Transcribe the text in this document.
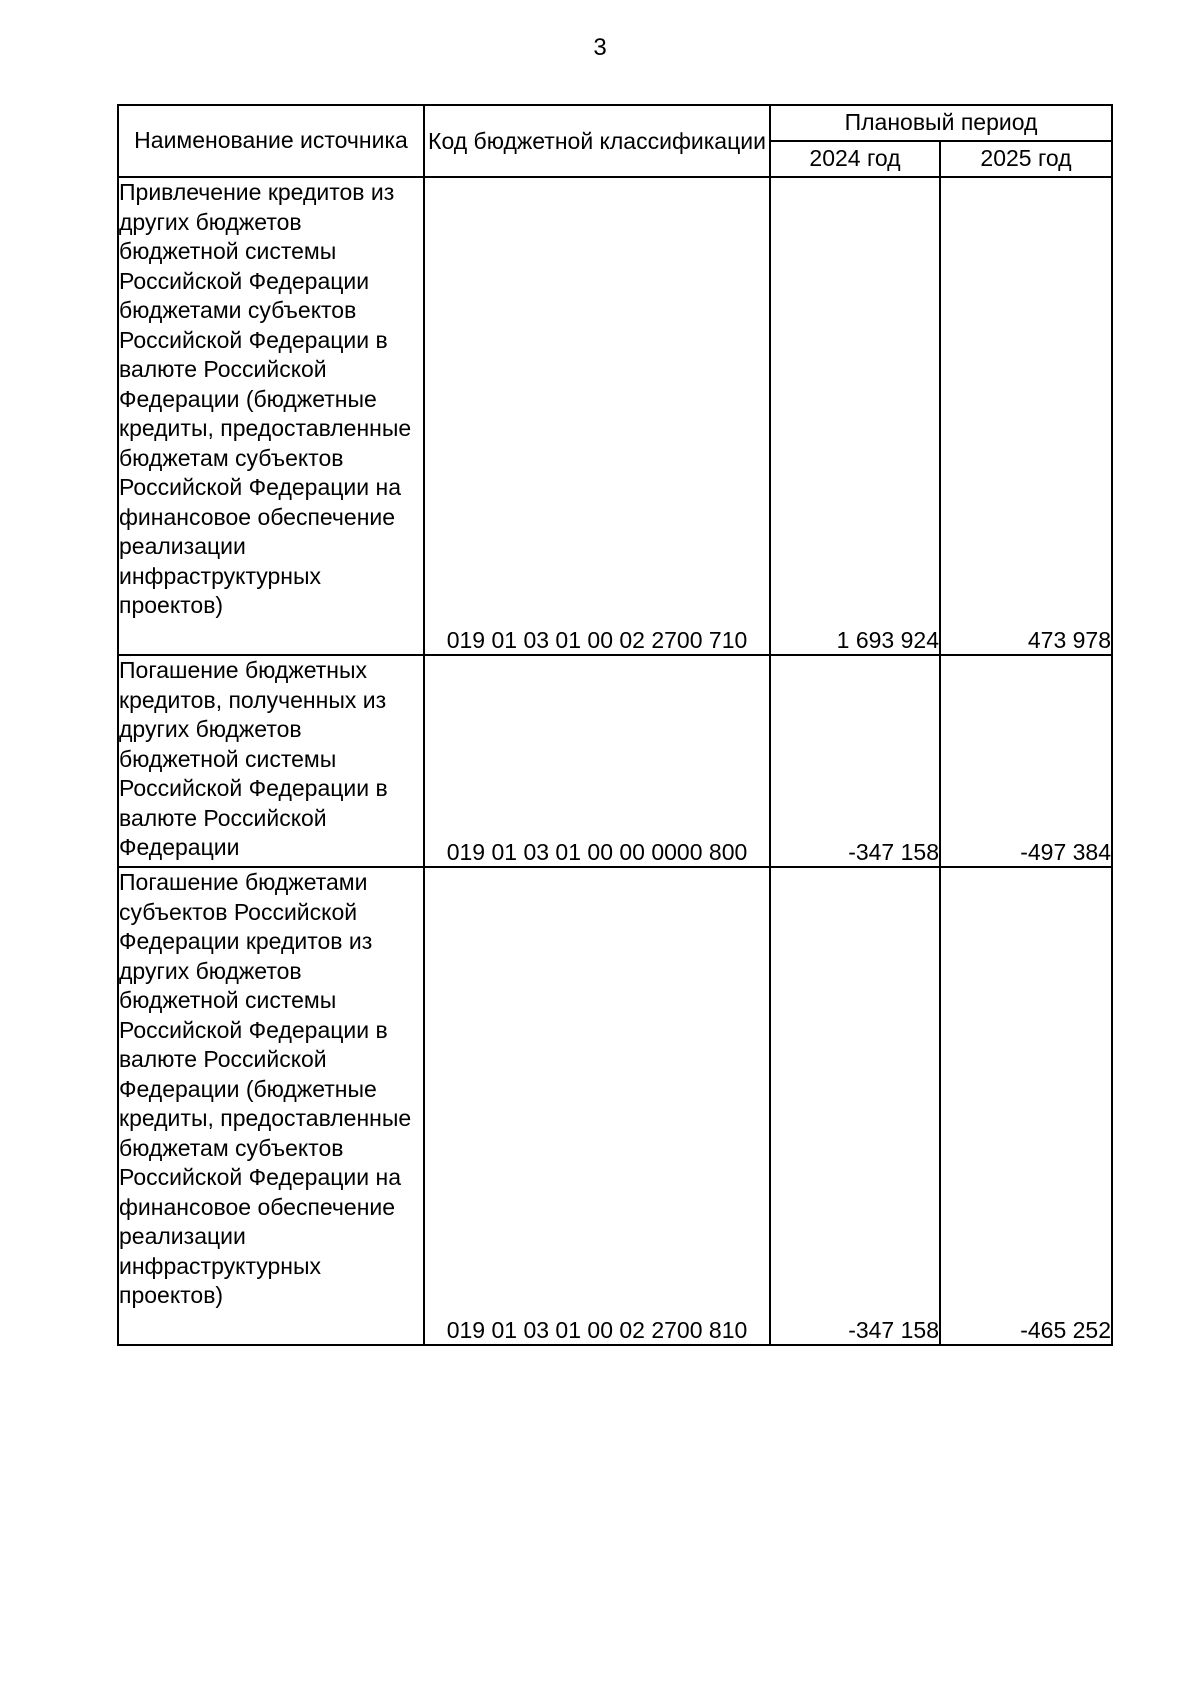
3
Наименование источника	Код бюджетной классификации	Плановый период	
		2024 год	2025 год
Привлечение кредитов из других бюджетов бюджетной системы Российской Федерации бюджетами субъектов Российской Федерации в валюте Российской Федерации (бюджетные кредиты, предоставленные бюджетам субъектов Российской Федерации на финансовое обеспечение реализации инфраструктурных проектов)	019 01 03 01 00 02 2700 710	1 693 924	473 978

Погашение бюджетных кредитов, полученных из других бюджетов бюджетной системы Российской Федерации в валюте Российской Федерации	019 01 03 01 00 00 0000 800	-347 158	-497 384

Погашение бюджетами субъектов Российской Федерации кредитов из других бюджетов бюджетной системы Российской Федерации в валюте Российской Федерации (бюджетные кредиты, предоставленные бюджетам субъектов Российской Федерации на финансовое обеспечение реализации инфраструктурных проектов)	019 01 03 01 00 02 2700 810	-347 158	-465 252
